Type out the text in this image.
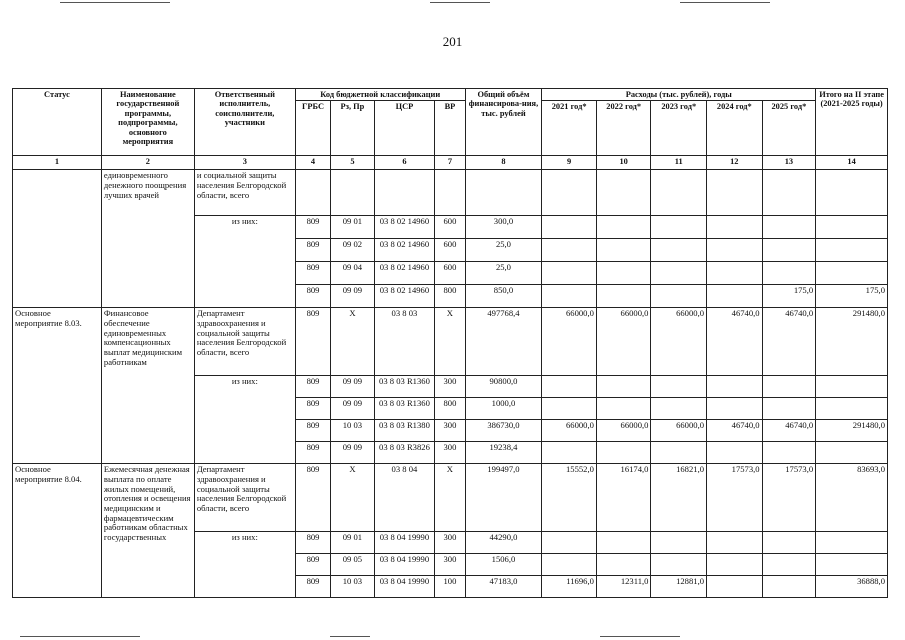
201
Статус	Наименование государственной программы, подпрограммы, основного мероприятия	Ответственный исполнитель, соисполнители, участники	Код бюджетной классификации				Общий объём финансирова-ния, тыс. рублей	Расходы (тыс. рублей), годы					Итого на II этапе (2021-2025 годы)
			ГРБС	Рз, Пр	ЦСР	ВР		2021 год*	2022 год*	2023 год*	2024 год*	2025 год*	
1	2	3	4	5	6	7	8	9	10	11	12	13	14
	единовременного денежного поощрения лучших врачей	и социальной защиты населения Белгородской области, всего											
		из них:	809	09 01	03 8 02 14960	600	300,0						
			809	09 02	03 8 02 14960	600	25,0						
			809	09 04	03 8 02 14960	600	25,0						
			809	09 09	03 8 02 14960	800	850,0					175,0	175,0
Основное мероприятие 8.03.	Финансовое обеспечение единовременных компенсационных выплат медицинским работникам	Департамент здравоохранения и социальной защиты населения Белгородской области, всего	809	Х	03 8 03	Х	497768,4	66000,0	66000,0	66000,0	46740,0	46740,0	291480,0
		из них:	809	09 09	03 8 03 R1360	300	90800,0						
			809	09 09	03 8 03 R1360	800	1000,0						
			809	10 03	03 8 03 R1380	300	386730,0	66000,0	66000,0	66000,0	46740,0	46740,0	291480,0
			809	09 09	03 8 03 R3826	300	19238,4						
Основное мероприятие 8.04.	Ежемесячная денежная выплата по оплате жилых помещений, отопления и освещения медицинским и фармацевтическим работникам областных государственных	Департамент здравоохранения и социальной защиты населения Белгородской области, всего	809	Х	03 8 04	Х	199497,0	15552,0	16174,0	16821,0	17573,0	17573,0	83693,0
		из них:	809	09 01	03 8 04 19990	300	44290,0						
			809	09 05	03 8 04 19990	300	1506,0						
			809	10 03	03 8 04 19990	100	47183,0	11696,0	12311,0	12881,0			36888,0
